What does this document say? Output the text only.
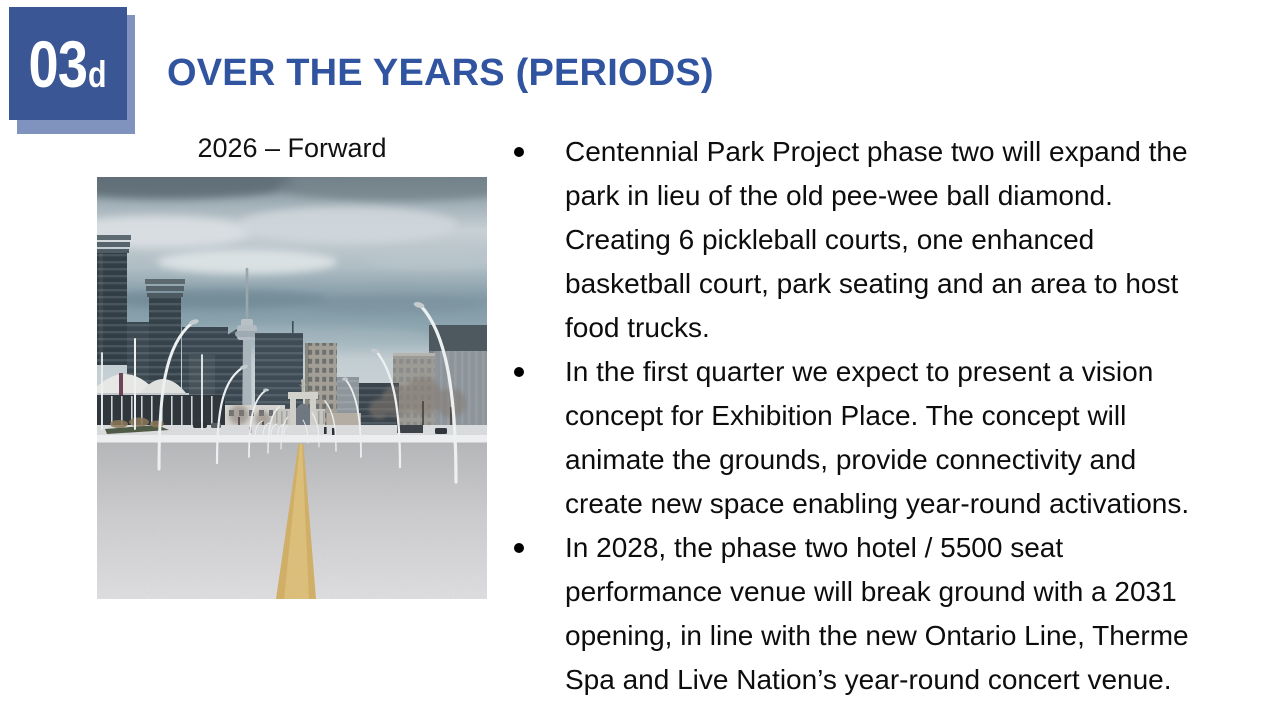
03 d OVER THE YEARS (PERIODS)
2026 – Forward	Centennial Park Project phase two will expand the
park in lieu of the old pee-wee ball diamond.
Creating 6 pickleball courts, one enhanced
basketball court, park seating and an area to host
food trucks.
In the first quarter we expect to present a vision
concept for Exhibition Place. The concept will
animate the grounds, provide connectivity and
create new space enabling year-round activations.
In 2028, the phase two hotel / 5500 seat
performance venue will break ground with a 2031
opening, in line with the new Ontario Line, Therme
Spa and Live Nation’s year-round concert venue.
